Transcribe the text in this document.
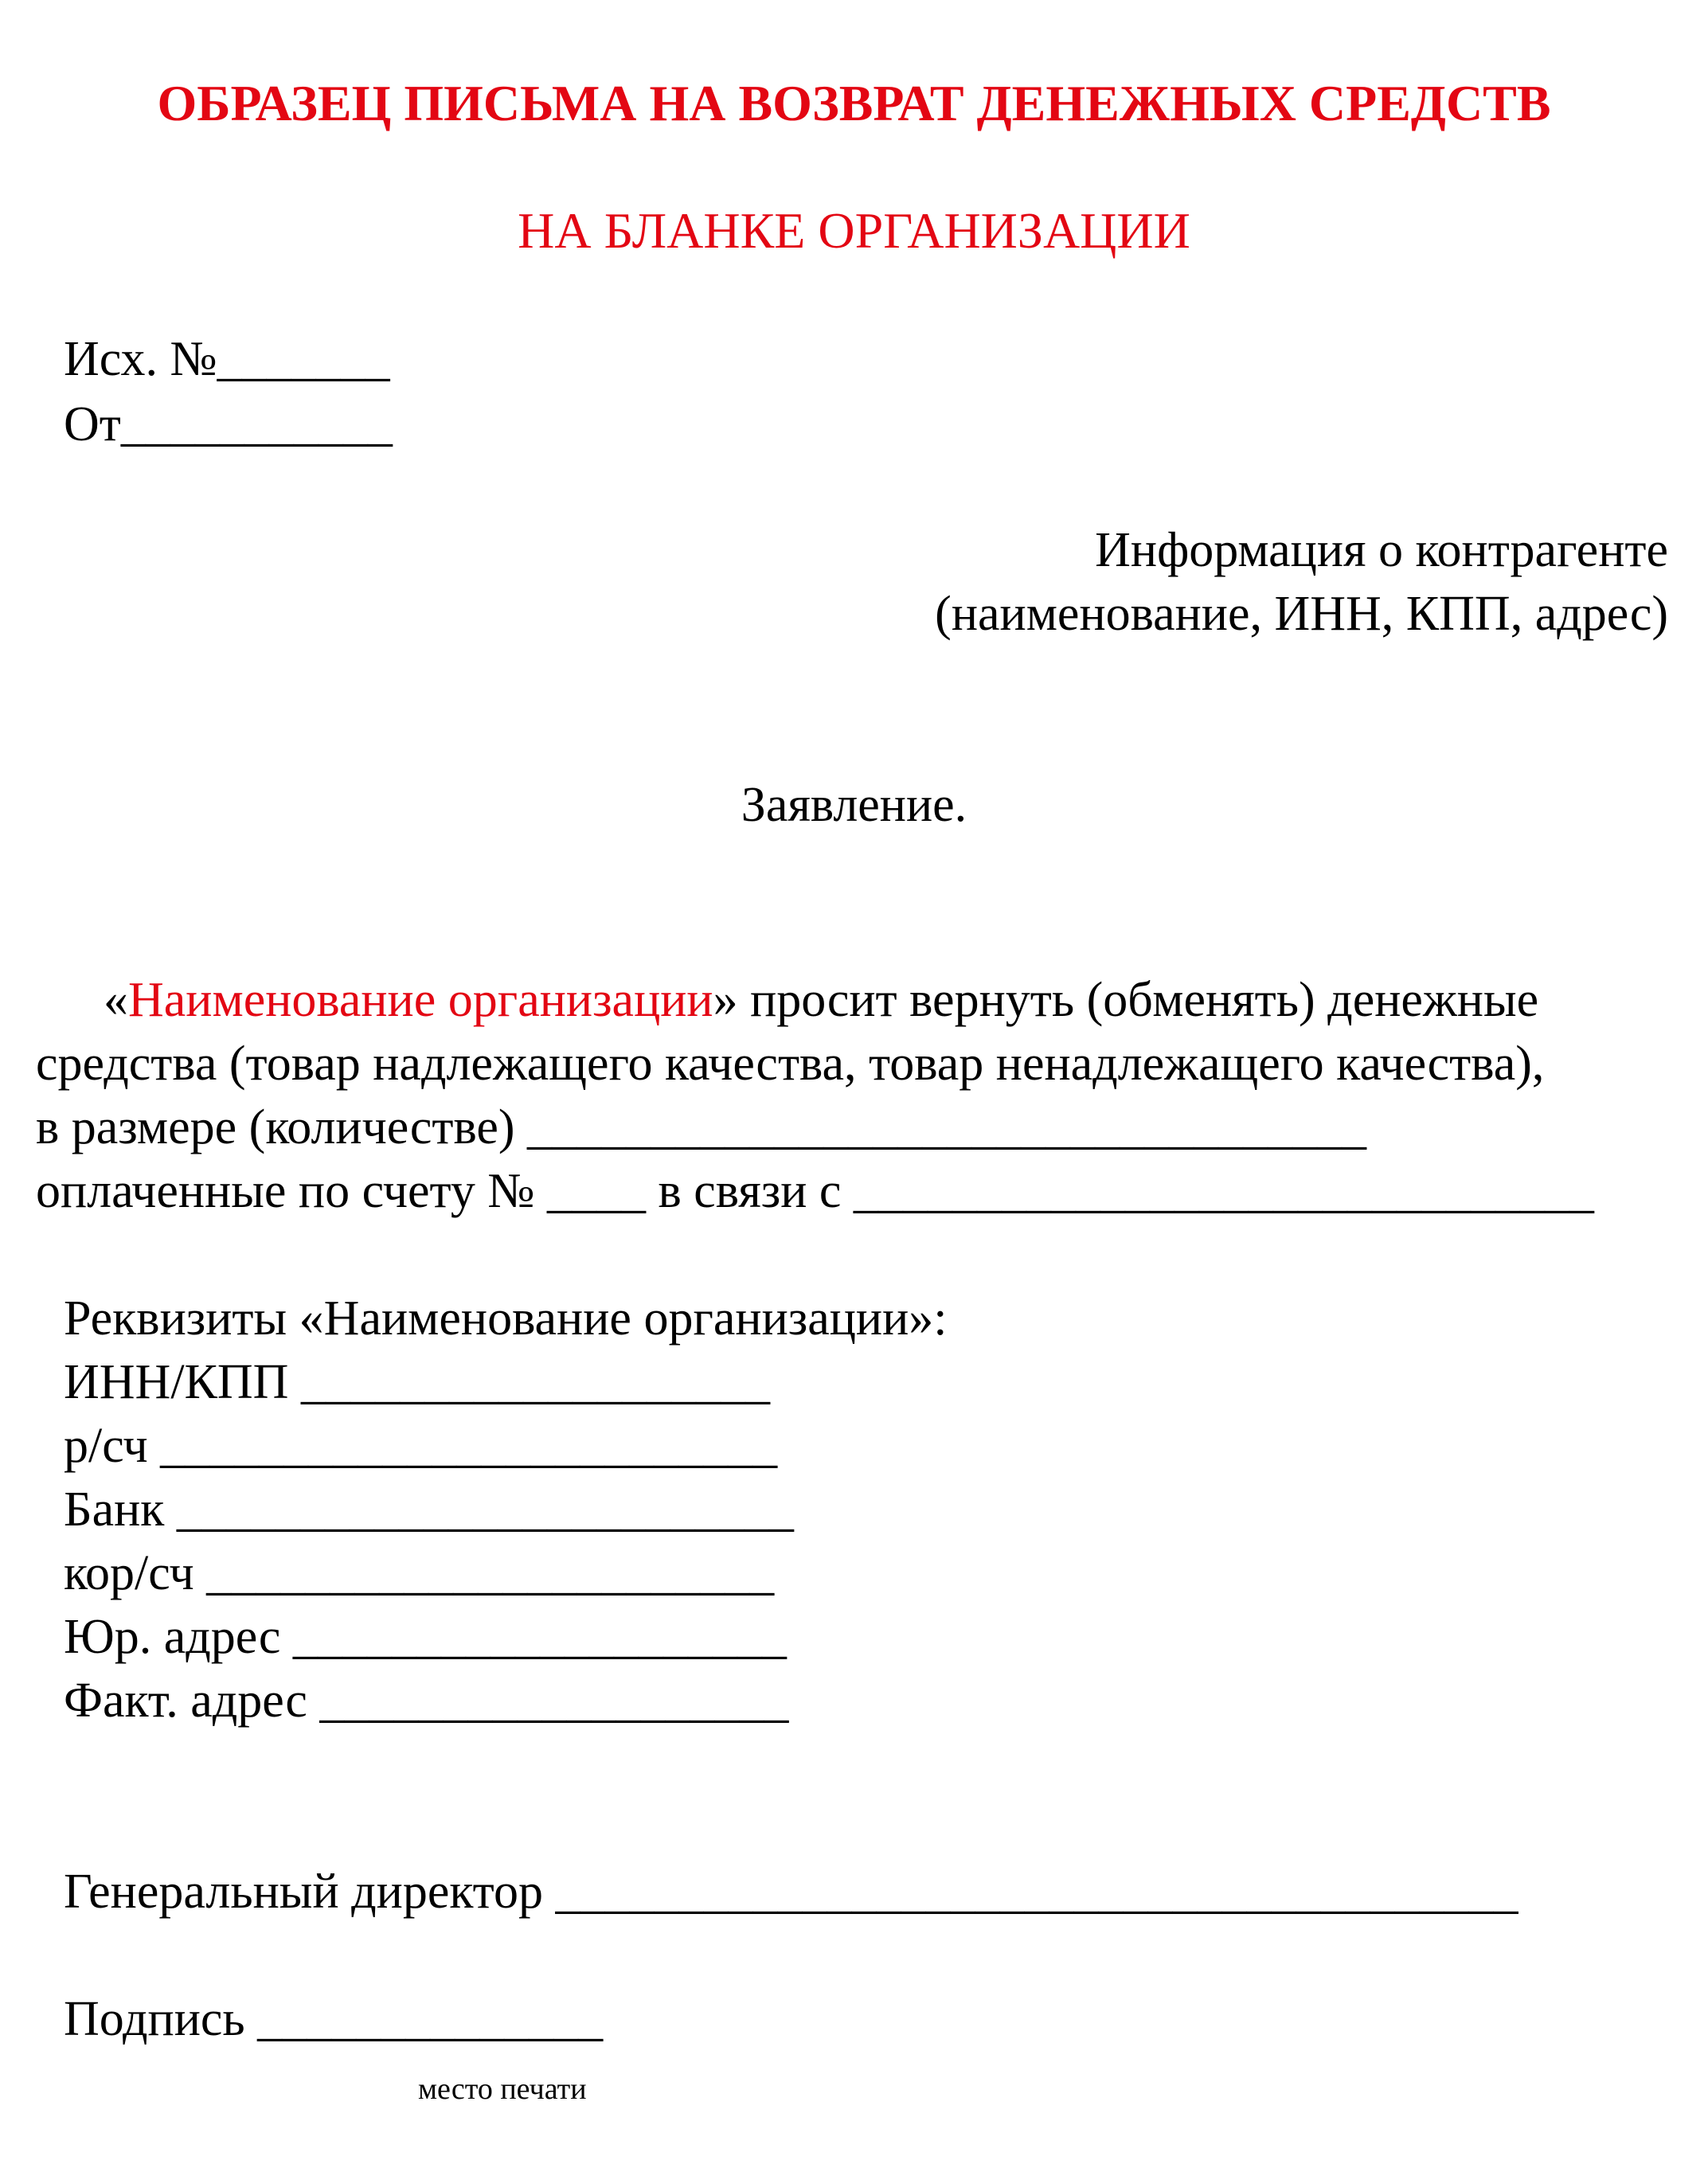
ОБРАЗЕЦ ПИСЬМА НА ВОЗВРАТ ДЕНЕЖНЫХ СРЕДСТВ
НА БЛАНКЕ ОРГАНИЗАЦИИ
Исх. №_______
От___________
Информация о контрагенте
(наименование, ИНН, КПП, адрес)
Заявление.
«Наименование организации» просит вернуть (обменять) денежные
средства (товар надлежащего качества, товар ненадлежащего качества),
в размере (количестве) __________________________________
оплаченные по счету № ____ в связи с ______________________________
Реквизиты «Наименование организации»:
ИНН/КПП ___________________
р/сч _________________________
Банк _________________________
кор/сч _______________________
Юр. адрес ____________________
Факт. адрес ___________________
Генеральный директор _______________________________________
Подпись ______________
место печати
